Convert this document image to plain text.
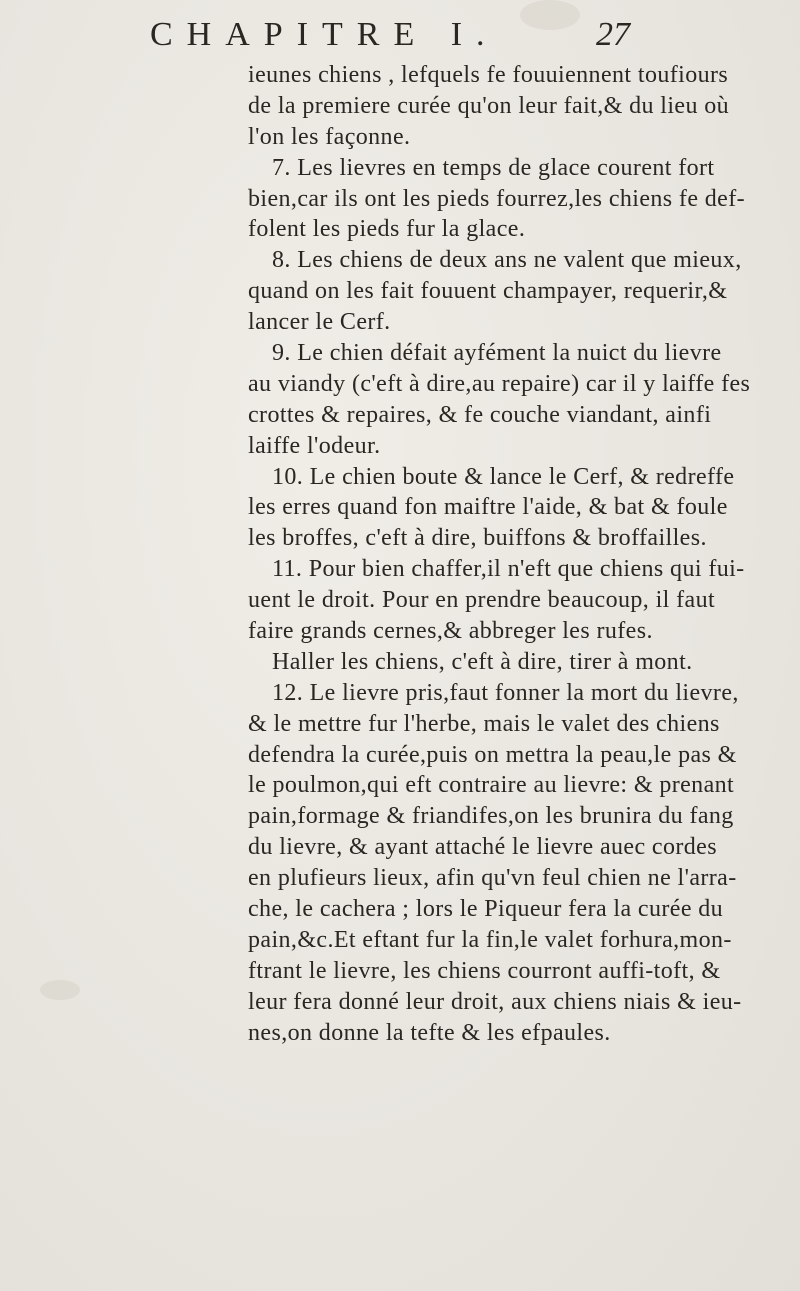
CHAPITRE I.	27
ieunes chiens , lefquels fe fouuiennent toufiours
de la premiere curée qu'on leur fait,& du lieu où
l'on les façonne.
7. Les lievres en temps de glace courent fort
bien,car ils ont les pieds fourrez,les chiens fe def-
folent les pieds fur la glace.
8. Les chiens de deux ans ne valent que mieux,
quand on les fait fouuent champayer, requerir,&
lancer le Cerf.
9. Le chien défait ayfément la nuict du lievre
au viandy (c'eft à dire,au repaire) car il y laiffe fes
crottes & repaires, & fe couche viandant, ainfi
laiffe l'odeur.
10. Le chien boute & lance le Cerf, & redreffe
les erres quand fon maiftre l'aide, & bat & foule
les broffes, c'eft à dire, buiffons & broffailles.
11. Pour bien chaffer,il n'eft que chiens qui fui-
uent le droit. Pour en prendre beaucoup, il faut
faire grands cernes,& abbreger les rufes.
Haller les chiens, c'eft à dire, tirer à mont.
12. Le lievre pris,faut fonner la mort du lievre,
& le mettre fur l'herbe, mais le valet des chiens
defendra la curée,puis on mettra la peau,le pas &
le poulmon,qui eft contraire au lievre: & prenant
pain,formage & friandifes,on les brunira du fang
du lievre, & ayant attaché le lievre auec cordes
en plufieurs lieux, afin qu'vn feul chien ne l'arra-
che, le cachera ; lors le Piqueur fera la curée du
pain,&c.Et eftant fur la fin,le valet forhura,mon-
ftrant le lievre, les chiens courront auffi-toft, &
leur fera donné leur droit, aux chiens niais & ieu-
nes,on donne la tefte & les efpaules.
